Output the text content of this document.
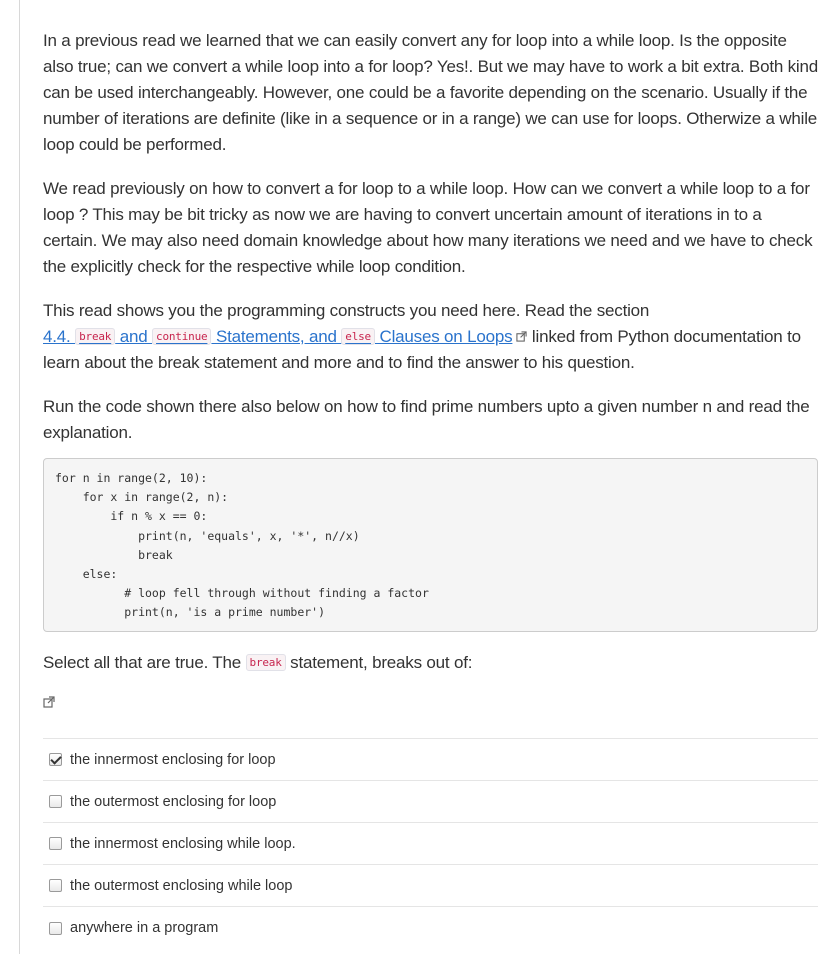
In a previous read we learned that we can easily convert any for loop into a while loop. Is the opposite also true; can we convert a while loop into a for loop? Yes!. But we may have to work a bit extra. Both kind can be used interchangeably. However, one could be a favorite depending on the scenario. Usually if the number of iterations are definite (like in a sequence or in a range) we can use for loops. Otherwize a while loop could be performed.

We read previously on how to convert a for loop to a while loop. How can we convert a while loop to a for loop ? This may be bit tricky as now we are having to convert uncertain amount of iterations in to a certain. We may also need domain knowledge about how many iterations we need and we have to check the explicitly check for the respective while loop condition.

This read shows you the programming constructs you need here. Read the section
4.4. break and continue Statements, and else Clauses on Loops linked from Python documentation to learn about the break statement and more and to find the answer to his question.

Run the code shown there also below on how to find prime numbers upto a given number n and read the explanation.

for n in range(2, 10):
for x in range(2, n):
if n % x == 0:
print(n, 'equals', x, '*', n//x)
break
else:
# loop fell through without finding a factor
print(n, 'is a prime number')
Select all that are true. The break statement, breaks out of:
the innermost enclosing for loop
the outermost enclosing for loop
the innermost enclosing while loop.
the outermost enclosing while loop
anywhere in a program
